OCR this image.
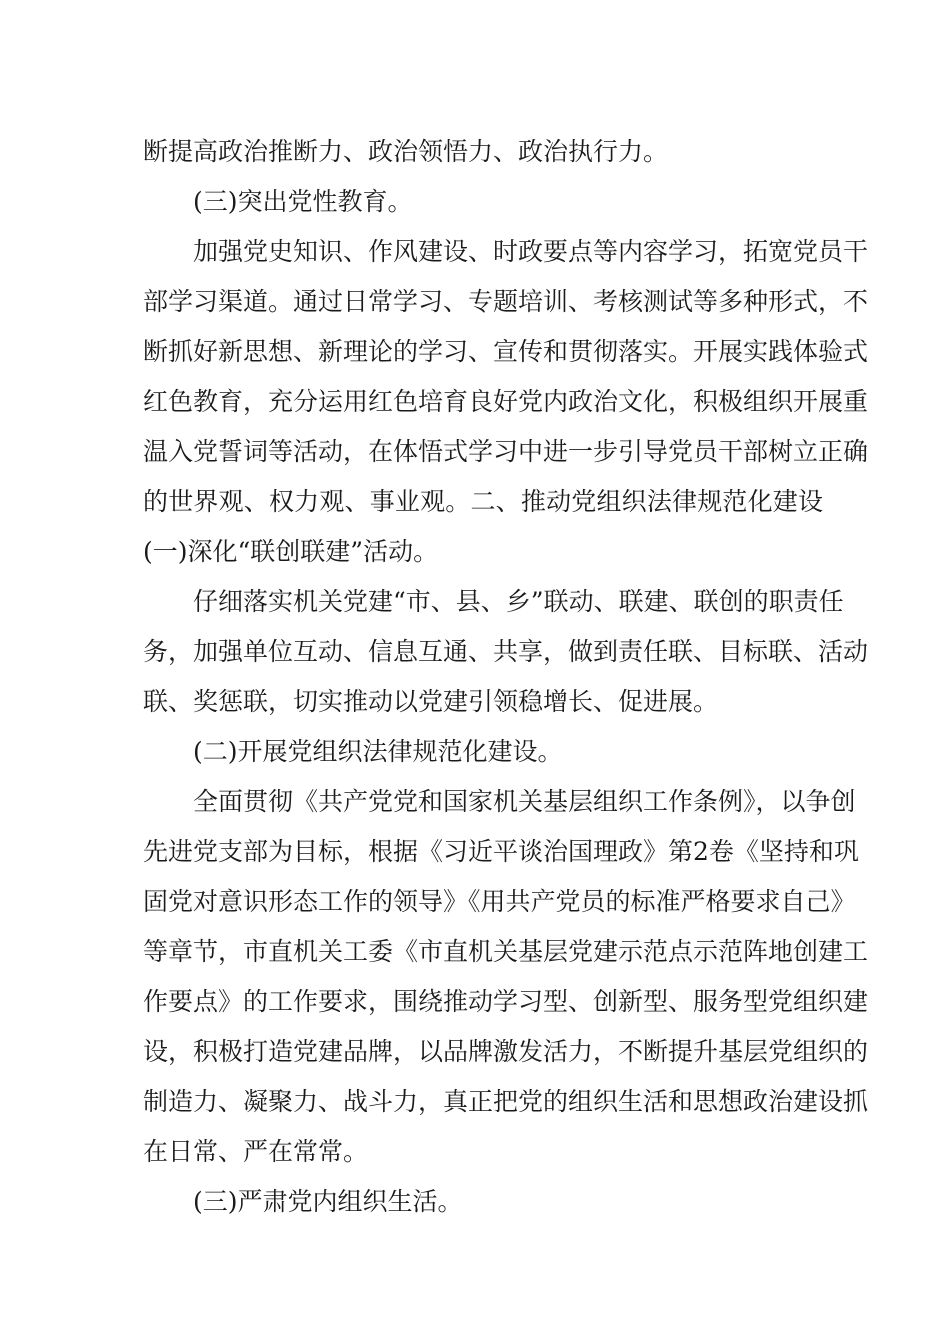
断提高政治推断力、政治领悟力、政治执行力。
(三)突出党性教育。
加强党史知识、作风建设、时政要点等内容学习，拓宽党员干
部学习渠道。通过日常学习、专题培训、考核测试等多种形式，不
断抓好新思想、新理论的学习、宣传和贯彻落实。开展实践体验式
红色教育，充分运用红色培育良好党内政治文化，积极组织开展重
温入党誓词等活动，在体悟式学习中进一步引导党员干部树立正确
的世界观、权力观、事业观。二、推动党组织法律规范化建设
(一)深化“联创联建”活动。
仔细落实机关党建“市、县、乡”联动、联建、联创的职责任
务，加强单位互动、信息互通、共享，做到责任联、目标联、活动
联、奖惩联，切实推动以党建引领稳增长、促进展。
(二)开展党组织法律规范化建设。
全面贯彻《共产党党和国家机关基层组织工作条例》，以争创
先进党支部为目标，根据《习近平谈治国理政》第2卷《坚持和巩
固党对意识形态工作的领导》《用共产党员的标准严格要求自己》
等章节，市直机关工委《市直机关基层党建示范点示范阵地创建工
作要点》的工作要求，围绕推动学习型、创新型、服务型党组织建
设，积极打造党建品牌，以品牌激发活力，不断提升基层党组织的
制造力、凝聚力、战斗力，真正把党的组织生活和思想政治建设抓
在日常、严在常常。
(三)严肃党内组织生活。
